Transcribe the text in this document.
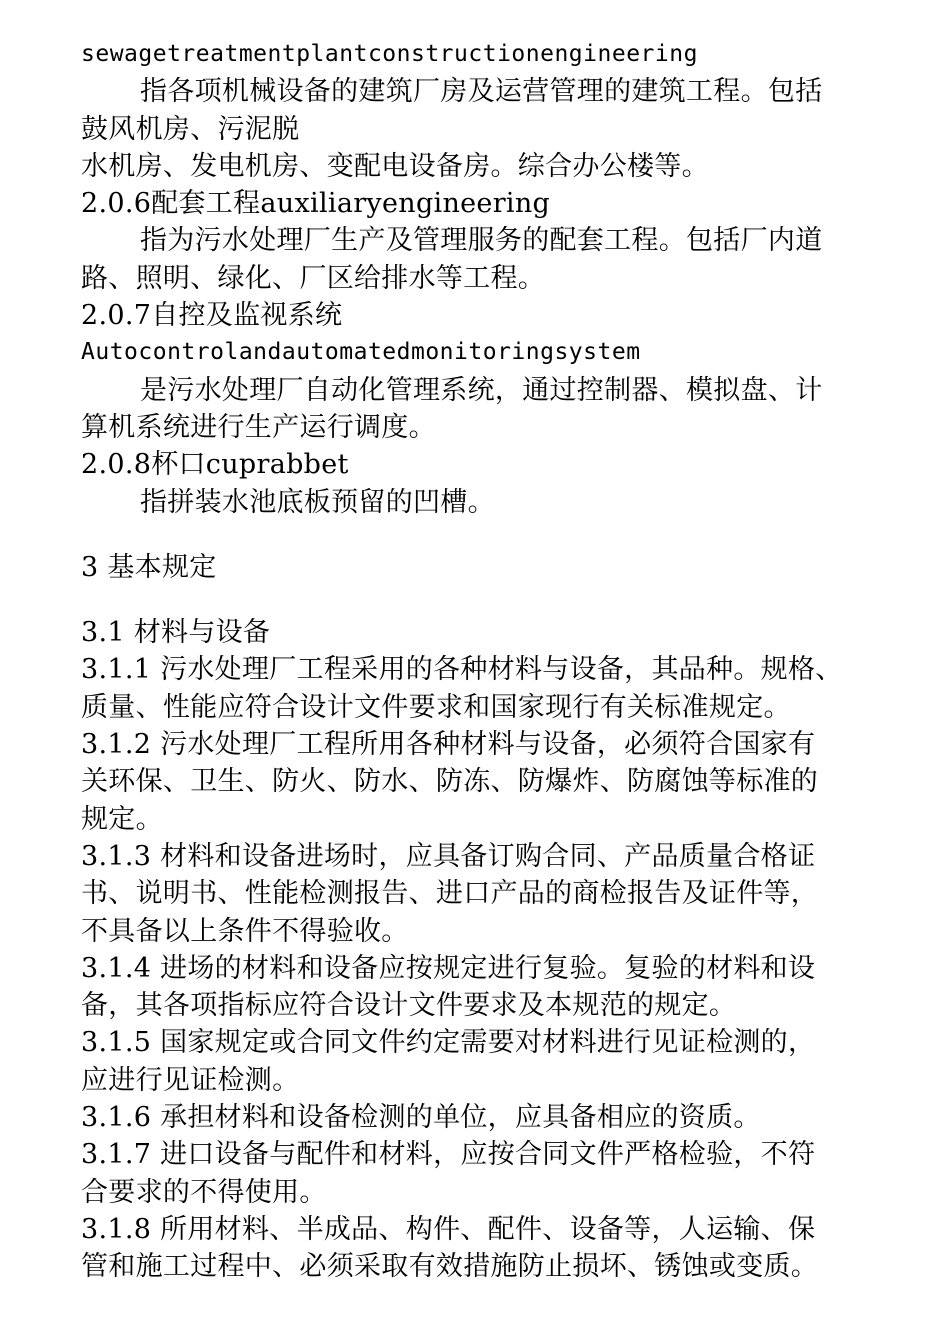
sewagetreatmentplantconstructionengineering
指各项机械设备的建筑厂房及运营管理的建筑工程。包括
鼓风机房、污泥脱
水机房、发电机房、变配电设备房。综合办公楼等。
2.0.6配套工程auxiliaryengineering
指为污水处理厂生产及管理服务的配套工程。包括厂内道
路、照明、绿化、厂区给排水等工程。
2.0.7自控及监视系统
Autocontrolandautomatedmonitoringsystem
是污水处理厂自动化管理系统，通过控制器、模拟盘、计
算机系统进行生产运行调度。
2.0.8杯口cuprabbet
指拼装水池底板预留的凹槽。
3 基本规定
3.1 材料与设备
3.1.1 污水处理厂工程采用的各种材料与设备，其品种。规格、
质量、性能应符合设计文件要求和国家现行有关标准规定。
3.1.2 污水处理厂工程所用各种材料与设备，必须符合国家有
关环保、卫生、防火、防水、防冻、防爆炸、防腐蚀等标准的
规定。
3.1.3 材料和设备进场时，应具备订购合同、产品质量合格证
书、说明书、性能检测报告、进口产品的商检报告及证件等，
不具备以上条件不得验收。
3.1.4 进场的材料和设备应按规定进行复验。复验的材料和设
备，其各项指标应符合设计文件要求及本规范的规定。
3.1.5 国家规定或合同文件约定需要对材料进行见证检测的，
应进行见证检测。
3.1.6 承担材料和设备检测的单位，应具备相应的资质。
3.1.7 进口设备与配件和材料，应按合同文件严格检验，不符
合要求的不得使用。
3.1.8 所用材料、半成品、构件、配件、设备等，人运输、保
管和施工过程中、必须采取有效措施防止损坏、锈蚀或变质。
